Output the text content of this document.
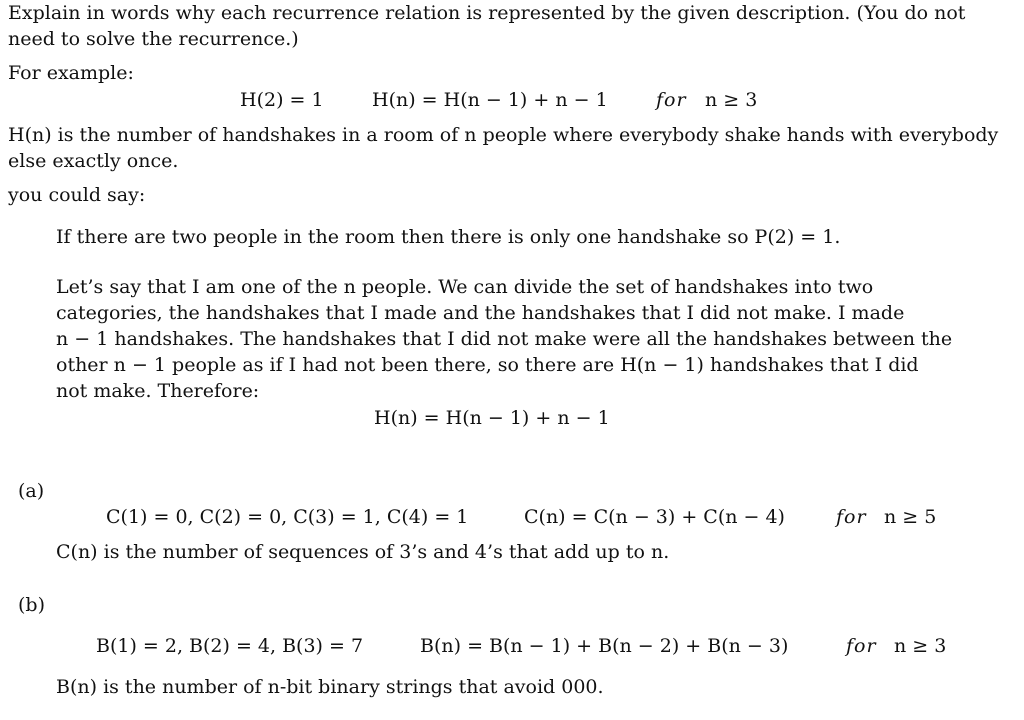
Explain in words why each recurrence relation is represented by the given description. (You do not
need to solve the recurrence.)
For example:
H(2) = 1	H(n) = H(n − 1) + n − 1	for n ≥ 3
H(n) is the number of handshakes in a room of n people where everybody shake hands with everybody
else exactly once.
you could say:
If there are two people in the room then there is only one handshake so P(2) = 1.
Let’s say that I am one of the n people. We can divide the set of handshakes into two
categories, the handshakes that I made and the handshakes that I did not make. I made
n − 1 handshakes. The handshakes that I did not make were all the handshakes between the
other n − 1 people as if I had not been there, so there are H(n − 1) handshakes that I did
not make. Therefore:
H(n) = H(n − 1) + n − 1
(a)
C(1) = 0, C(2) = 0, C(3) = 1, C(4) = 1	C(n) = C(n − 3) + C(n − 4)	for n ≥ 5
C(n) is the number of sequences of 3’s and 4’s that add up to n.
(b)
B(1) = 2, B(2) = 4, B(3) = 7	B(n) = B(n − 1) + B(n − 2) + B(n − 3)	for n ≥ 3
B(n) is the number of n-bit binary strings that avoid 000.
